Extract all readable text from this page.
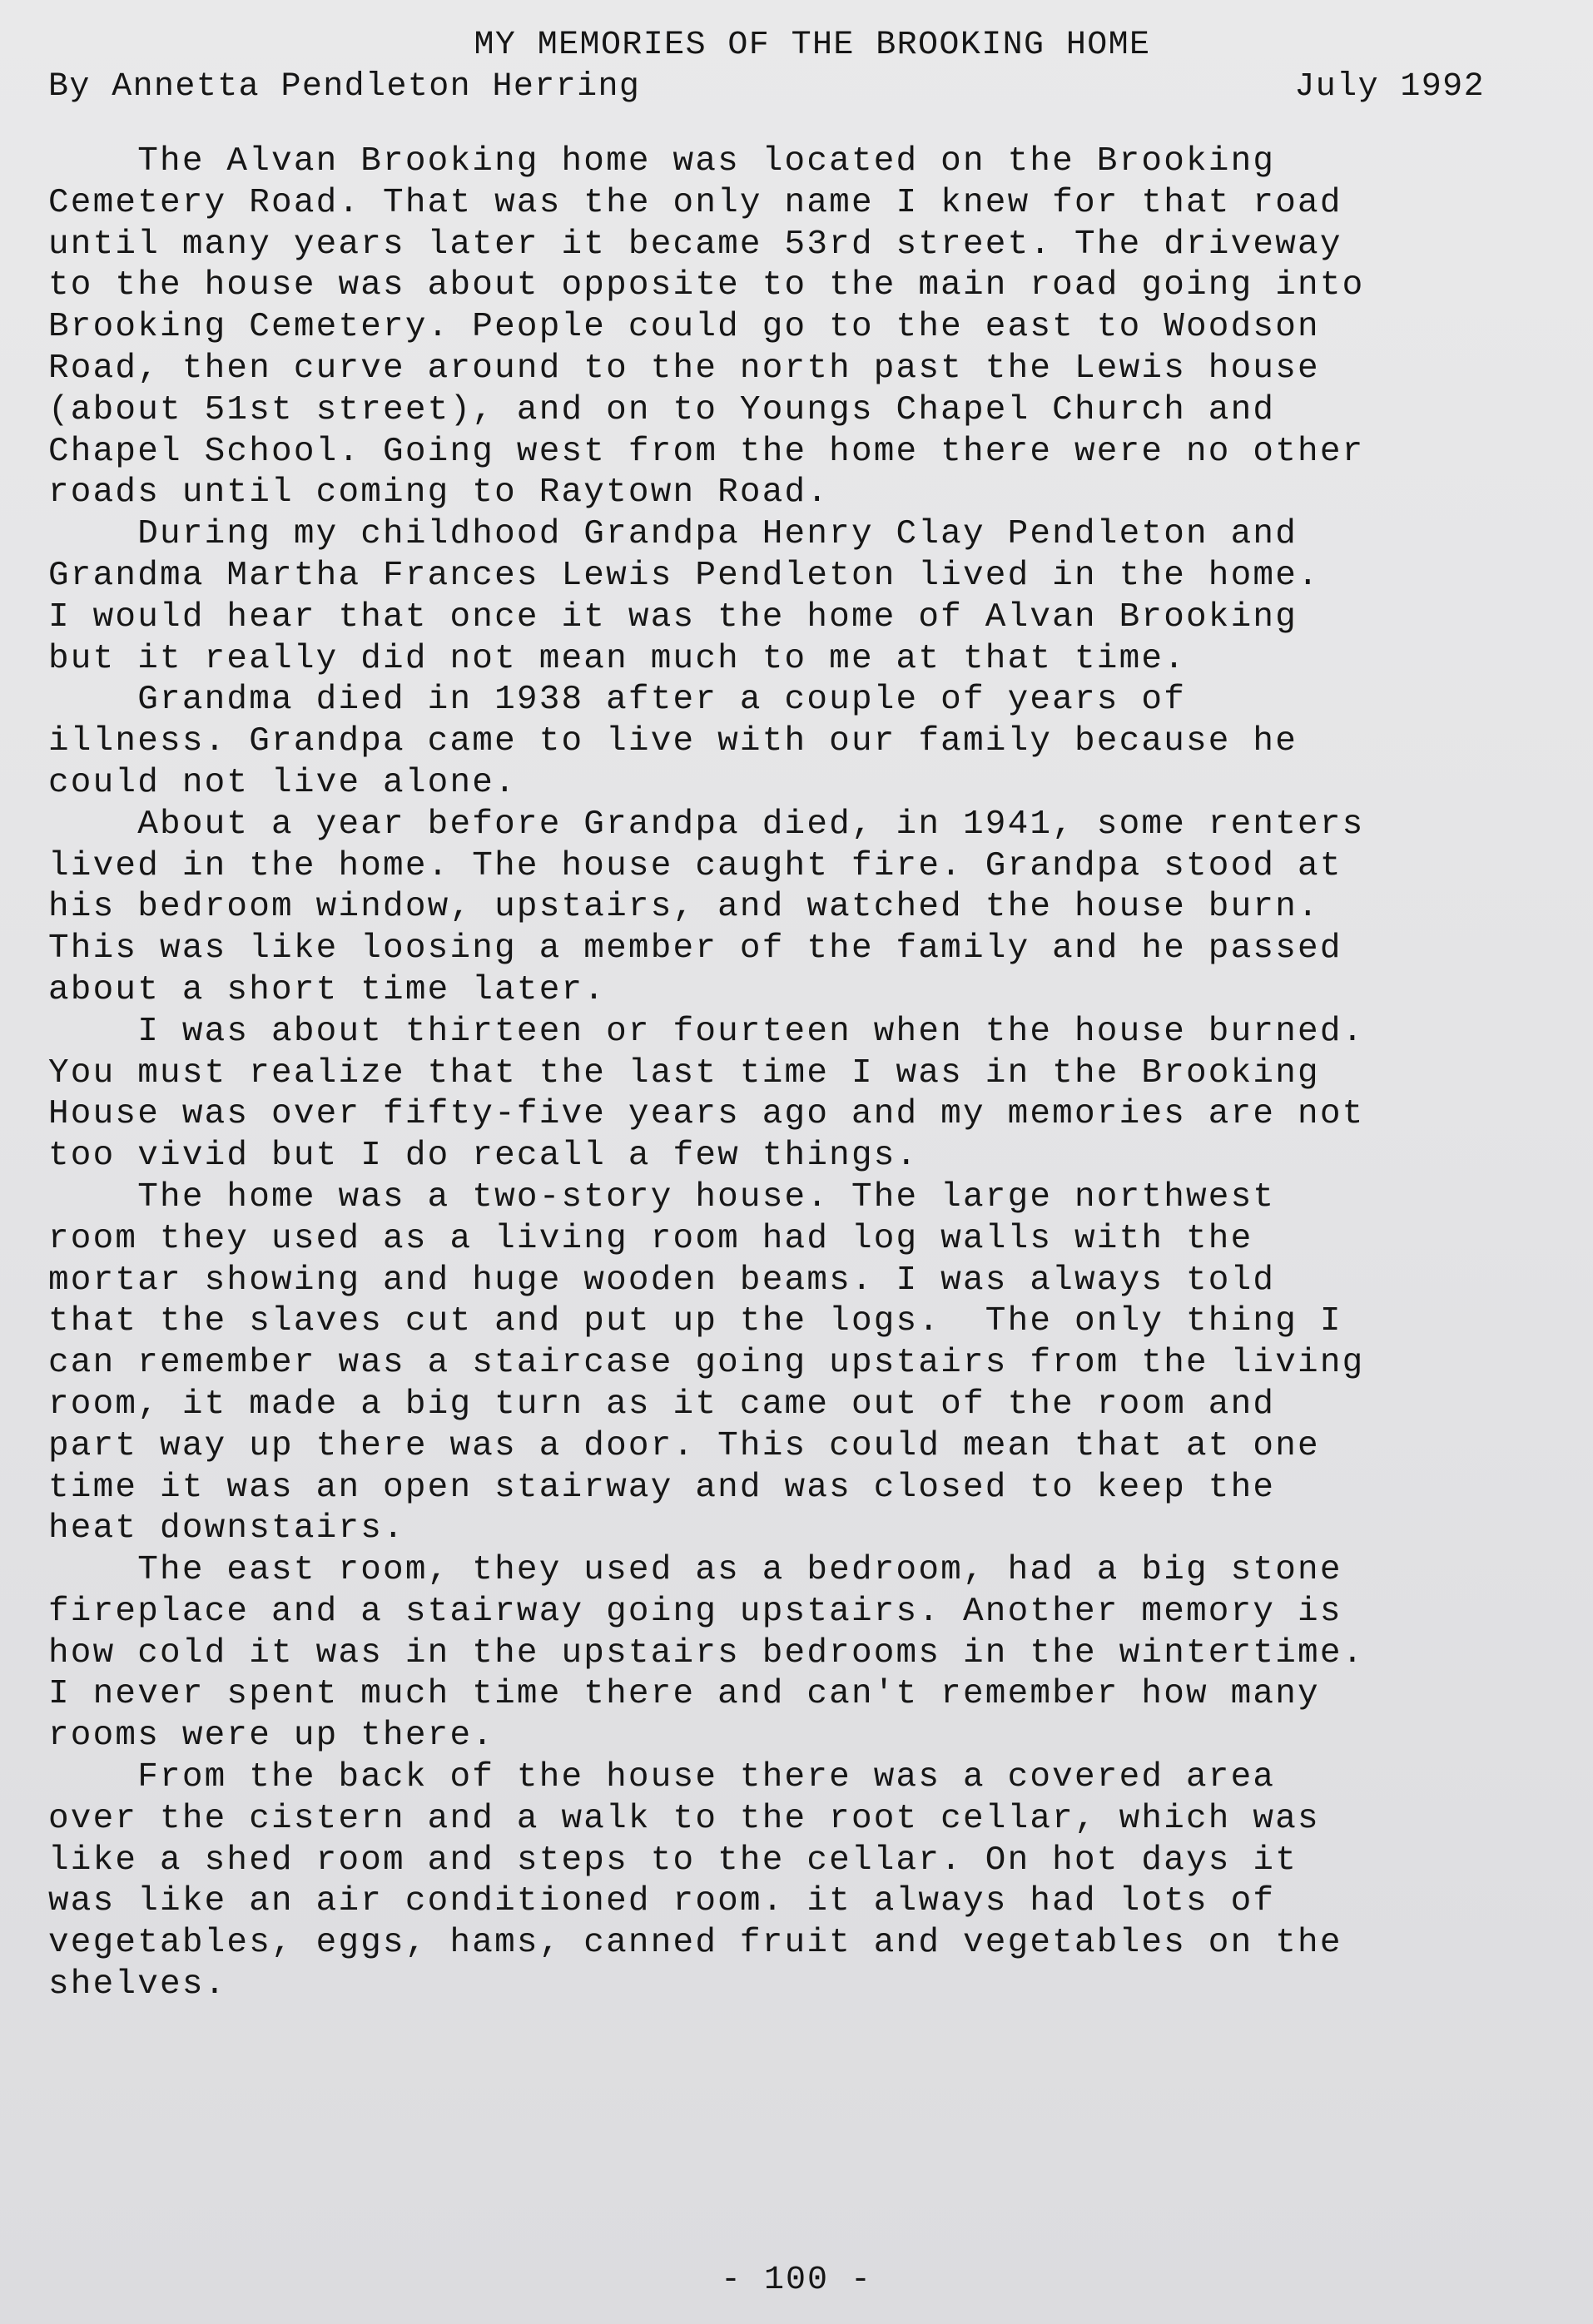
MY MEMORIES OF THE BROOKING HOME
By Annetta Pendleton Herring	July 1992
The Alvan Brooking home was located on the Brooking
Cemetery Road. That was the only name I knew for that road
until many years later it became 53rd street. The driveway
to the house was about opposite to the main road going into
Brooking Cemetery. People could go to the east to Woodson
Road, then curve around to the north past the Lewis house
(about 51st street), and on to Youngs Chapel Church and
Chapel School. Going west from the home there were no other
roads until coming to Raytown Road.
During my childhood Grandpa Henry Clay Pendleton and
Grandma Martha Frances Lewis Pendleton lived in the home.
I would hear that once it was the home of Alvan Brooking
but it really did not mean much to me at that time.
Grandma died in 1938 after a couple of years of
illness. Grandpa came to live with our family because he
could not live alone.
About a year before Grandpa died, in 1941, some renters
lived in the home. The house caught fire. Grandpa stood at
his bedroom window, upstairs, and watched the house burn.
This was like loosing a member of the family and he passed
about a short time later.
I was about thirteen or fourteen when the house burned.
You must realize that the last time I was in the Brooking
House was over fifty-five years ago and my memories are not
too vivid but I do recall a few things.
The home was a two-story house. The large northwest
room they used as a living room had log walls with the
mortar showing and huge wooden beams. I was always told
that the slaves cut and put up the logs.  The only thing I
can remember was a staircase going upstairs from the living
room, it made a big turn as it came out of the room and
part way up there was a door. This could mean that at one
time it was an open stairway and was closed to keep the
heat downstairs.
The east room, they used as a bedroom, had a big stone
fireplace and a stairway going upstairs. Another memory is
how cold it was in the upstairs bedrooms in the wintertime.
I never spent much time there and can't remember how many
rooms were up there.
From the back of the house there was a covered area
over the cistern and a walk to the root cellar, which was
like a shed room and steps to the cellar. On hot days it
was like an air conditioned room. it always had lots of
vegetables, eggs, hams, canned fruit and vegetables on the
shelves.
- 100 -
